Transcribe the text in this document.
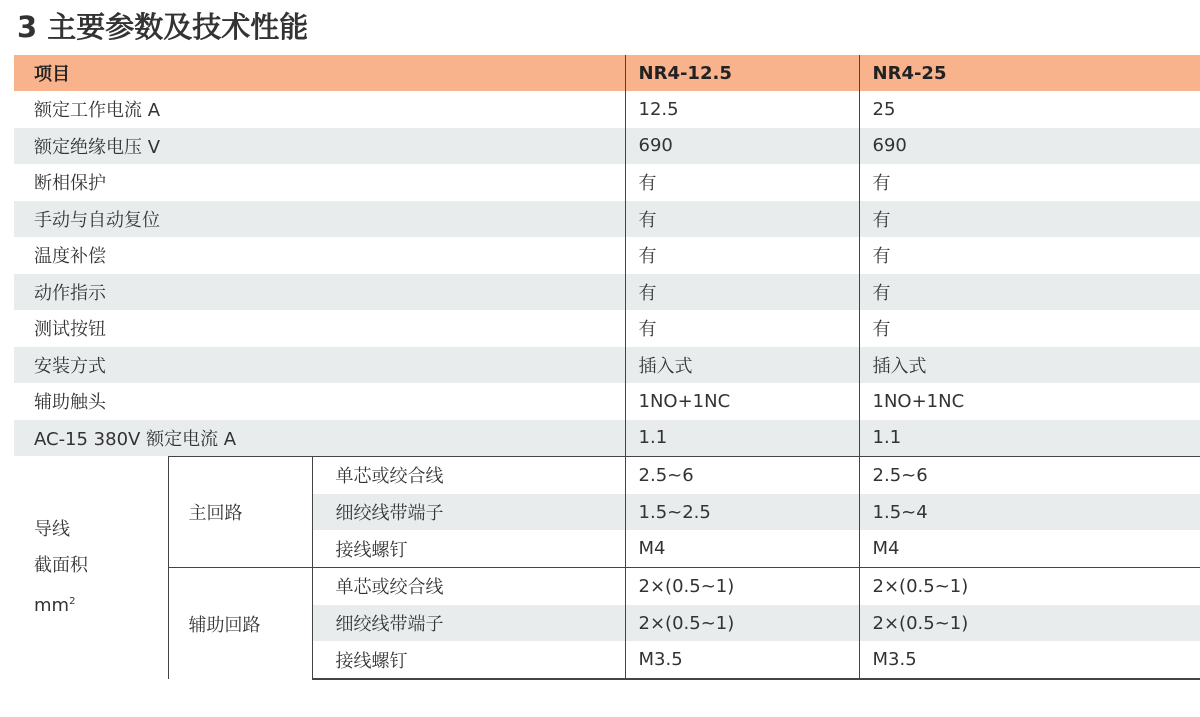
3 主要参数及技术性能
项目			NR4-12.5	NR4-25
额定工作电流 A			12.5	25
额定绝缘电压 V			690	690
断相保护			有	有
手动与自动复位			有	有
温度补偿			有	有
动作指示			有	有
测试按钮			有	有
安装方式			插入式	插入式
辅助触头			1NO+1NC	1NO+1NC
AC-15 380V 额定电流 A			1.1	1.1
导线
截面积
$mm^2$	主回路	单芯或绞合线	2.5~6	2.5~6
		细绞线带端子	1.5~2.5	1.5~4
		接线螺钉	M4	M4
	辅助回路	单芯或绞合线	2×(0.5~1)	2×(0.5~1)
		细绞线带端子	2×(0.5~1)	2×(0.5~1)
		接线螺钉	M3.5	M3.5
